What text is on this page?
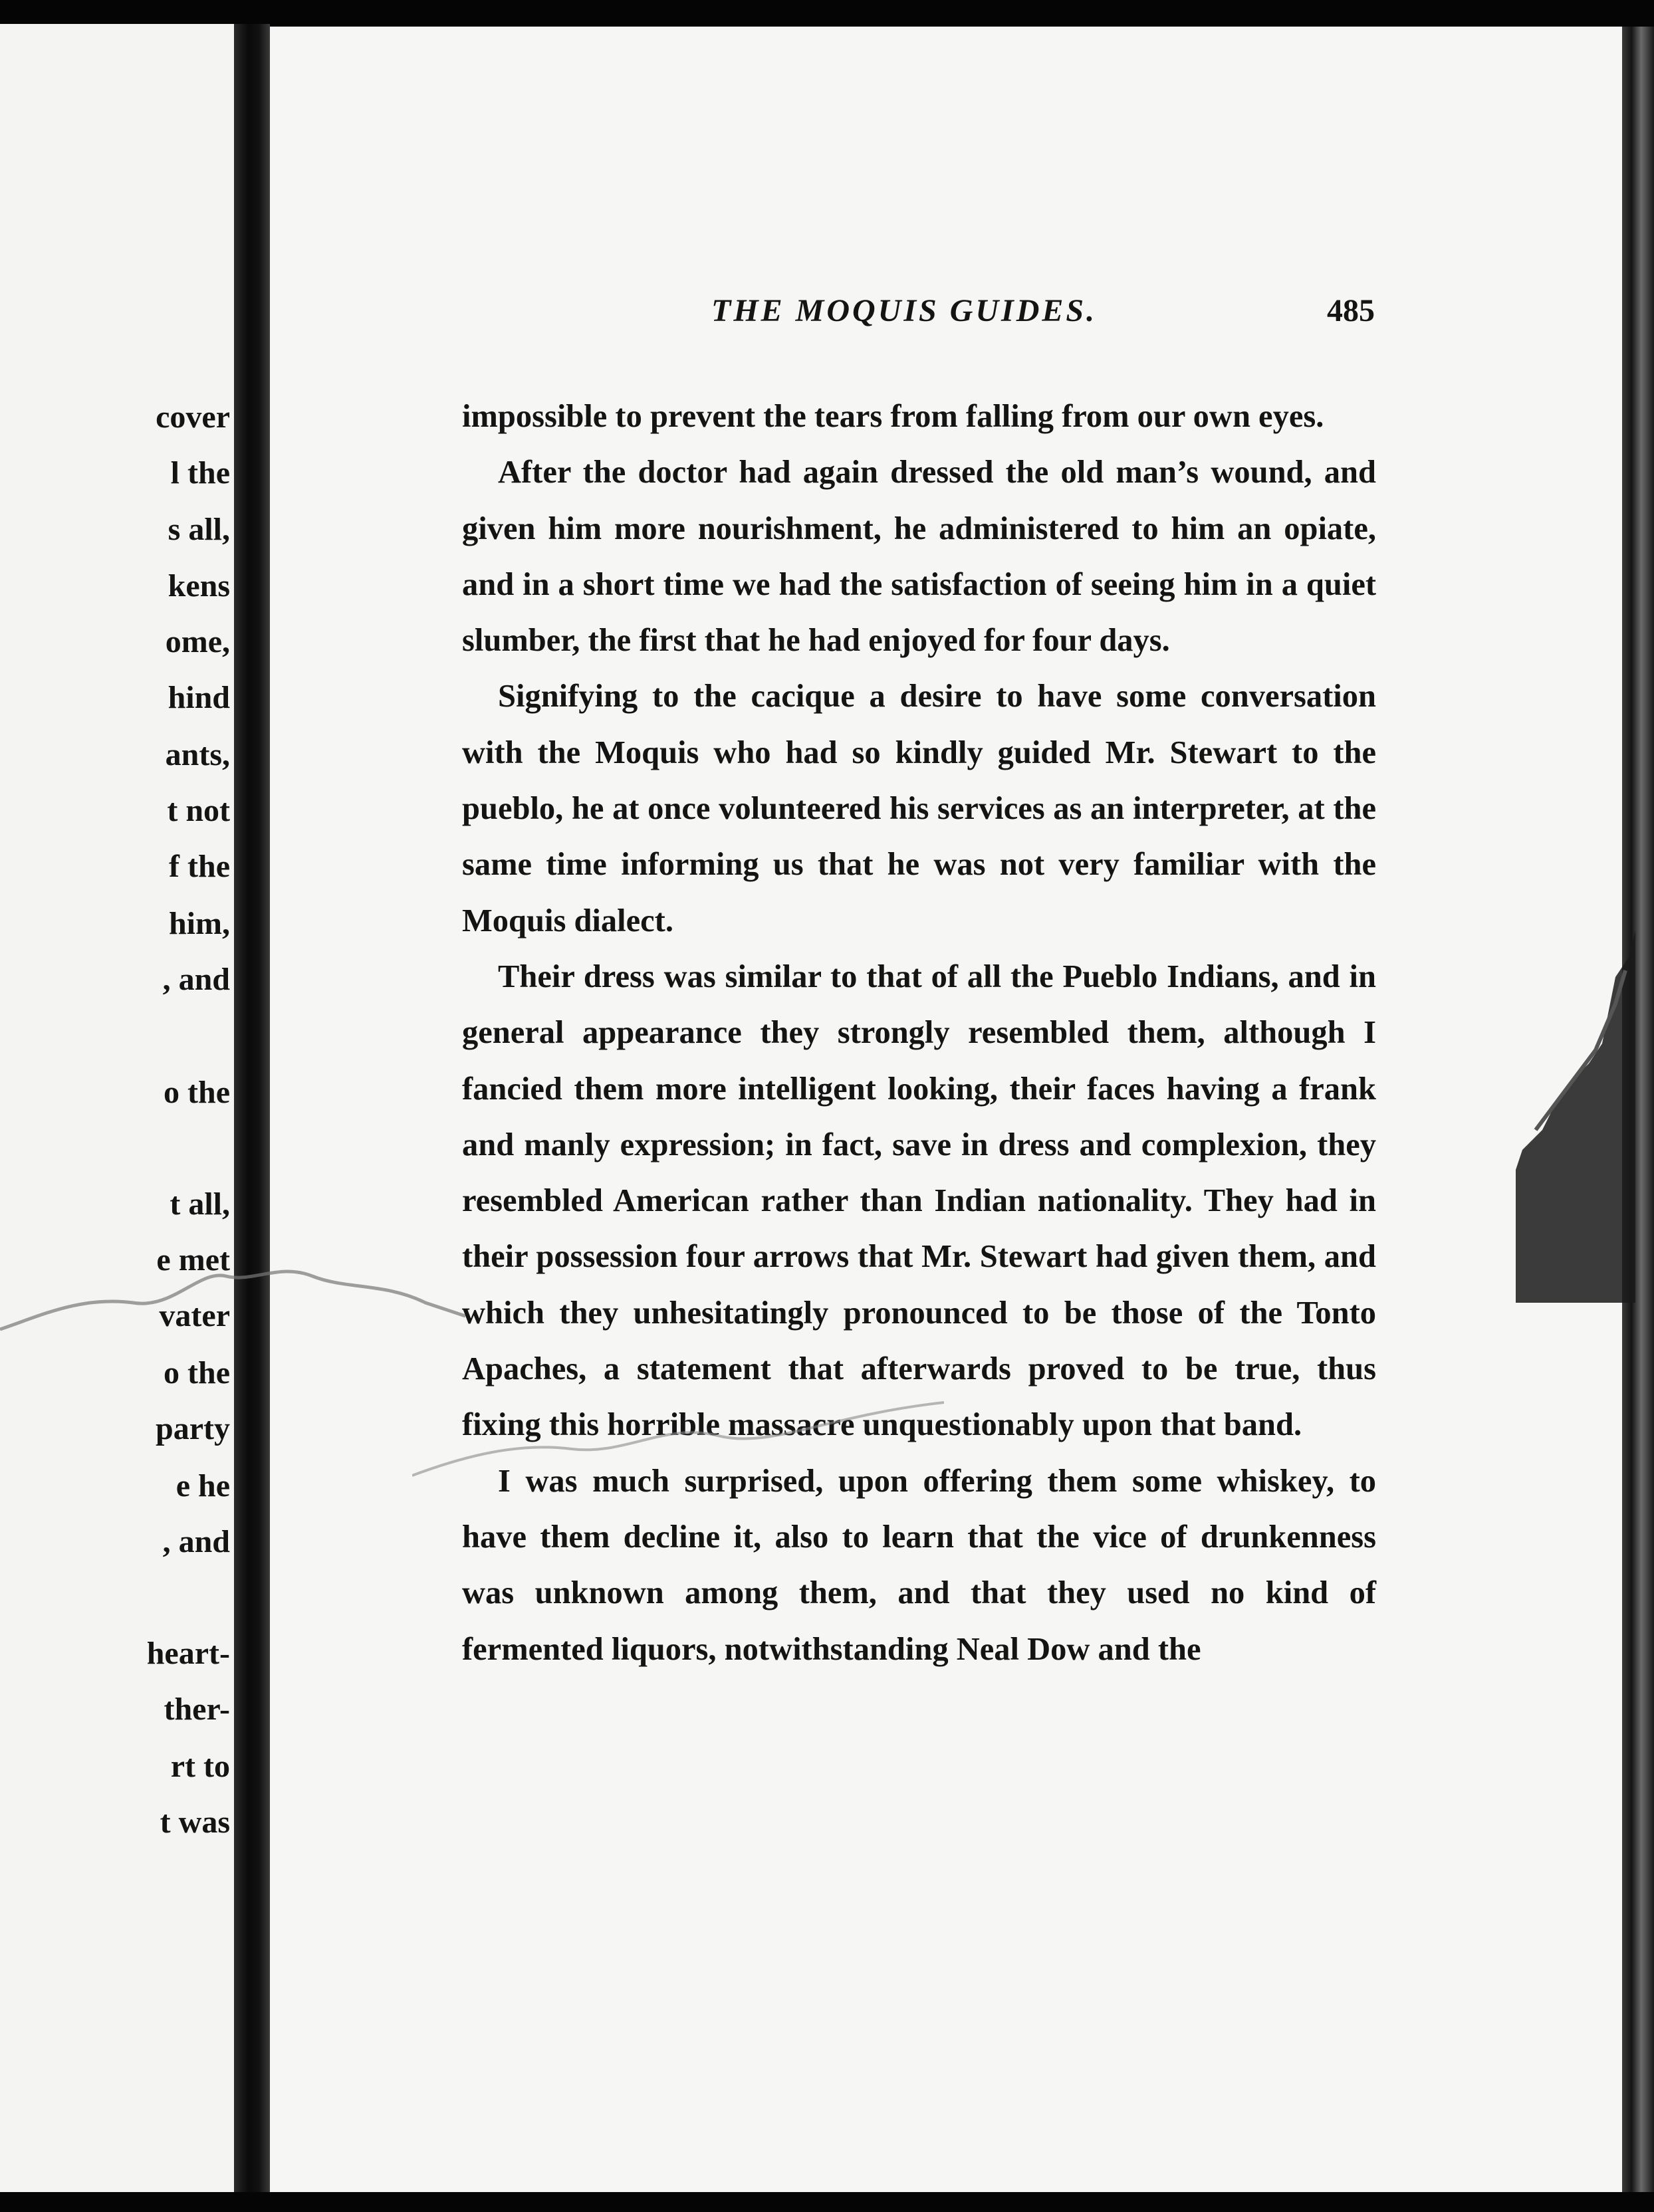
cover
l the
s all,
kens
ome,
hind
ants,
t not
f the
him,
, and
o the
t all,
e met
vater
o the
party
e he
, and
heart-
ther-
rt to
t was
THE MOQUIS GUIDES.	485

impossible to prevent the tears from falling from our own eyes.

After the doctor had again dressed the old man’s wound, and given him more nourishment, he administered to him an opiate, and in a short time we had the satisfaction of seeing him in a quiet slumber, the first that he had enjoyed for four days.

Signifying to the cacique a desire to have some conversation with the Moquis who had so kindly guided Mr. Stewart to the pueblo, he at once volunteered his services as an interpreter, at the same time informing us that he was not very familiar with the Moquis dialect.

Their dress was similar to that of all the Pueblo Indians, and in general appearance they strongly resembled them, although I fancied them more intelligent looking, their faces having a frank and manly expression; in fact, save in dress and complexion, they resembled American rather than Indian nationality. They had in their possession four arrows that Mr. Stewart had given them, and which they unhesitatingly pronounced to be those of the Tonto Apaches, a statement that afterwards proved to be true, thus fixing this horrible massacre unquestionably upon that band.

I was much surprised, upon offering them some whiskey, to have them decline it, also to learn that the vice of drunkenness was unknown among them, and that they used no kind of fermented liquors, notwithstanding Neal Dow and the
